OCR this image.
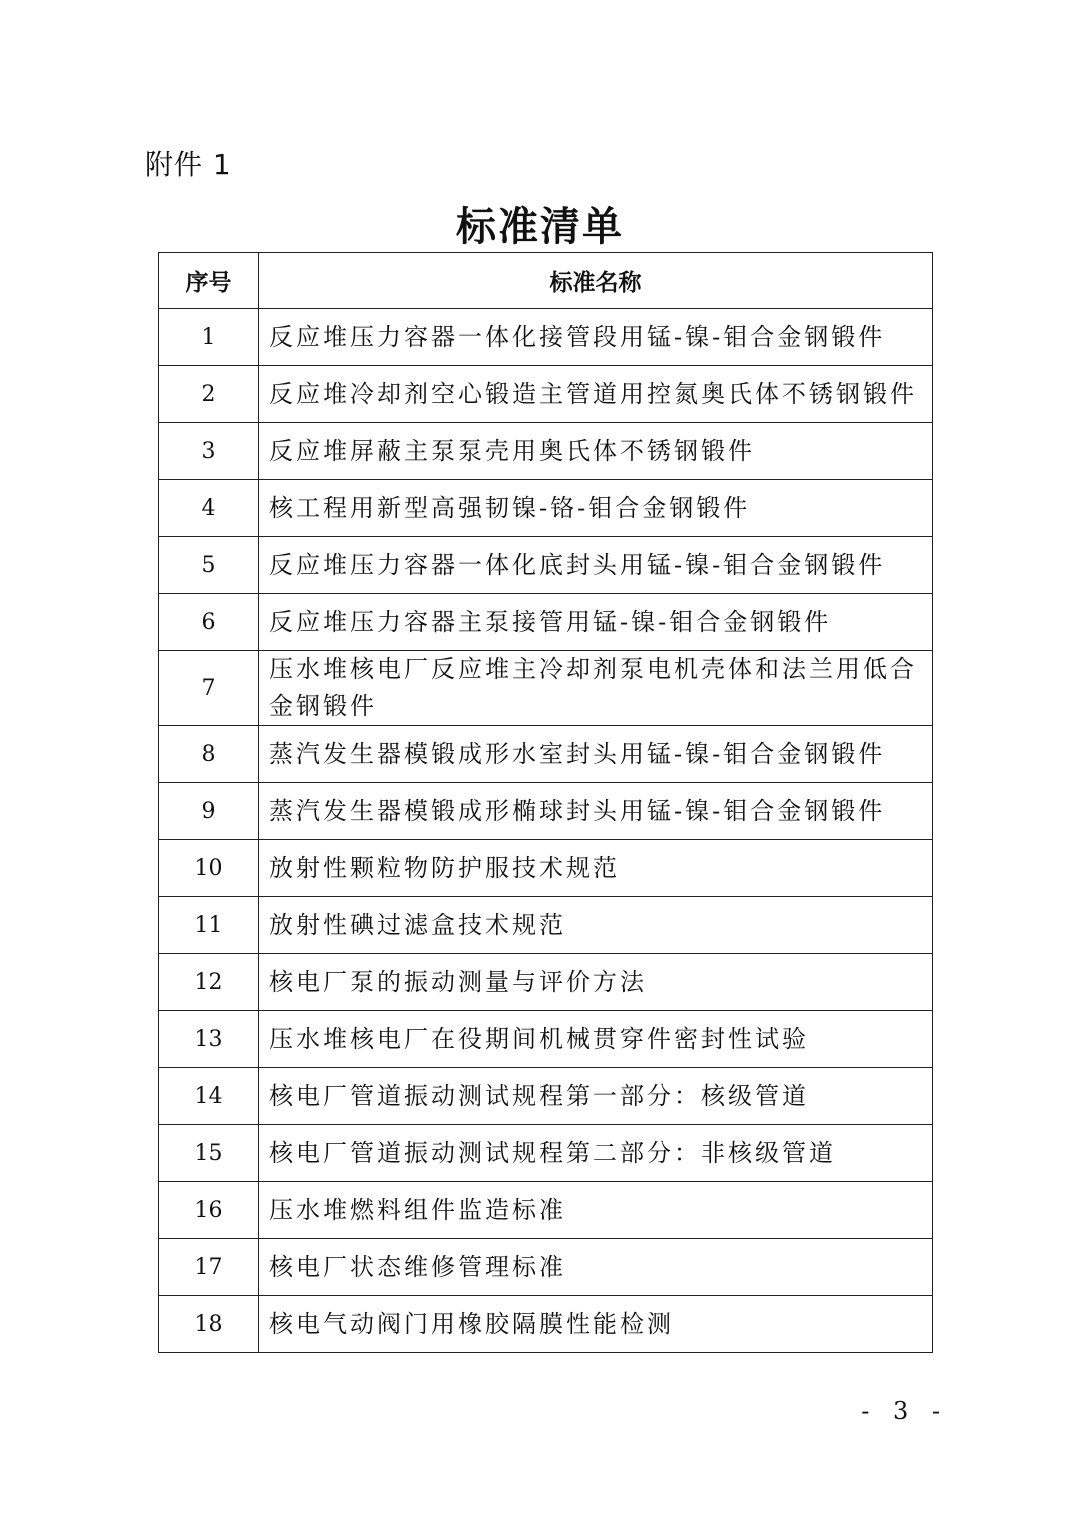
附件 1
标准清单
序号	标准名称
1	反应堆压力容器一体化接管段用锰-镍-钼合金钢锻件
2	反应堆冷却剂空心锻造主管道用控氮奥氏体不锈钢锻件
3	反应堆屏蔽主泵泵壳用奥氏体不锈钢锻件
4	核工程用新型高强韧镍-铬-钼合金钢锻件
5	反应堆压力容器一体化底封头用锰-镍-钼合金钢锻件
6	反应堆压力容器主泵接管用锰-镍-钼合金钢锻件
7	压水堆核电厂反应堆主冷却剂泵电机壳体和法兰用低合金钢锻件
8	蒸汽发生器模锻成形水室封头用锰-镍-钼合金钢锻件
9	蒸汽发生器模锻成形椭球封头用锰-镍-钼合金钢锻件
10	放射性颗粒物防护服技术规范
11	放射性碘过滤盒技术规范
12	核电厂泵的振动测量与评价方法
13	压水堆核电厂在役期间机械贯穿件密封性试验
14	核电厂管道振动测试规程第一部分：核级管道
15	核电厂管道振动测试规程第二部分：非核级管道
16	压水堆燃料组件监造标准
17	核电厂状态维修管理标准
18	核电气动阀门用橡胶隔膜性能检测
- 3 -
